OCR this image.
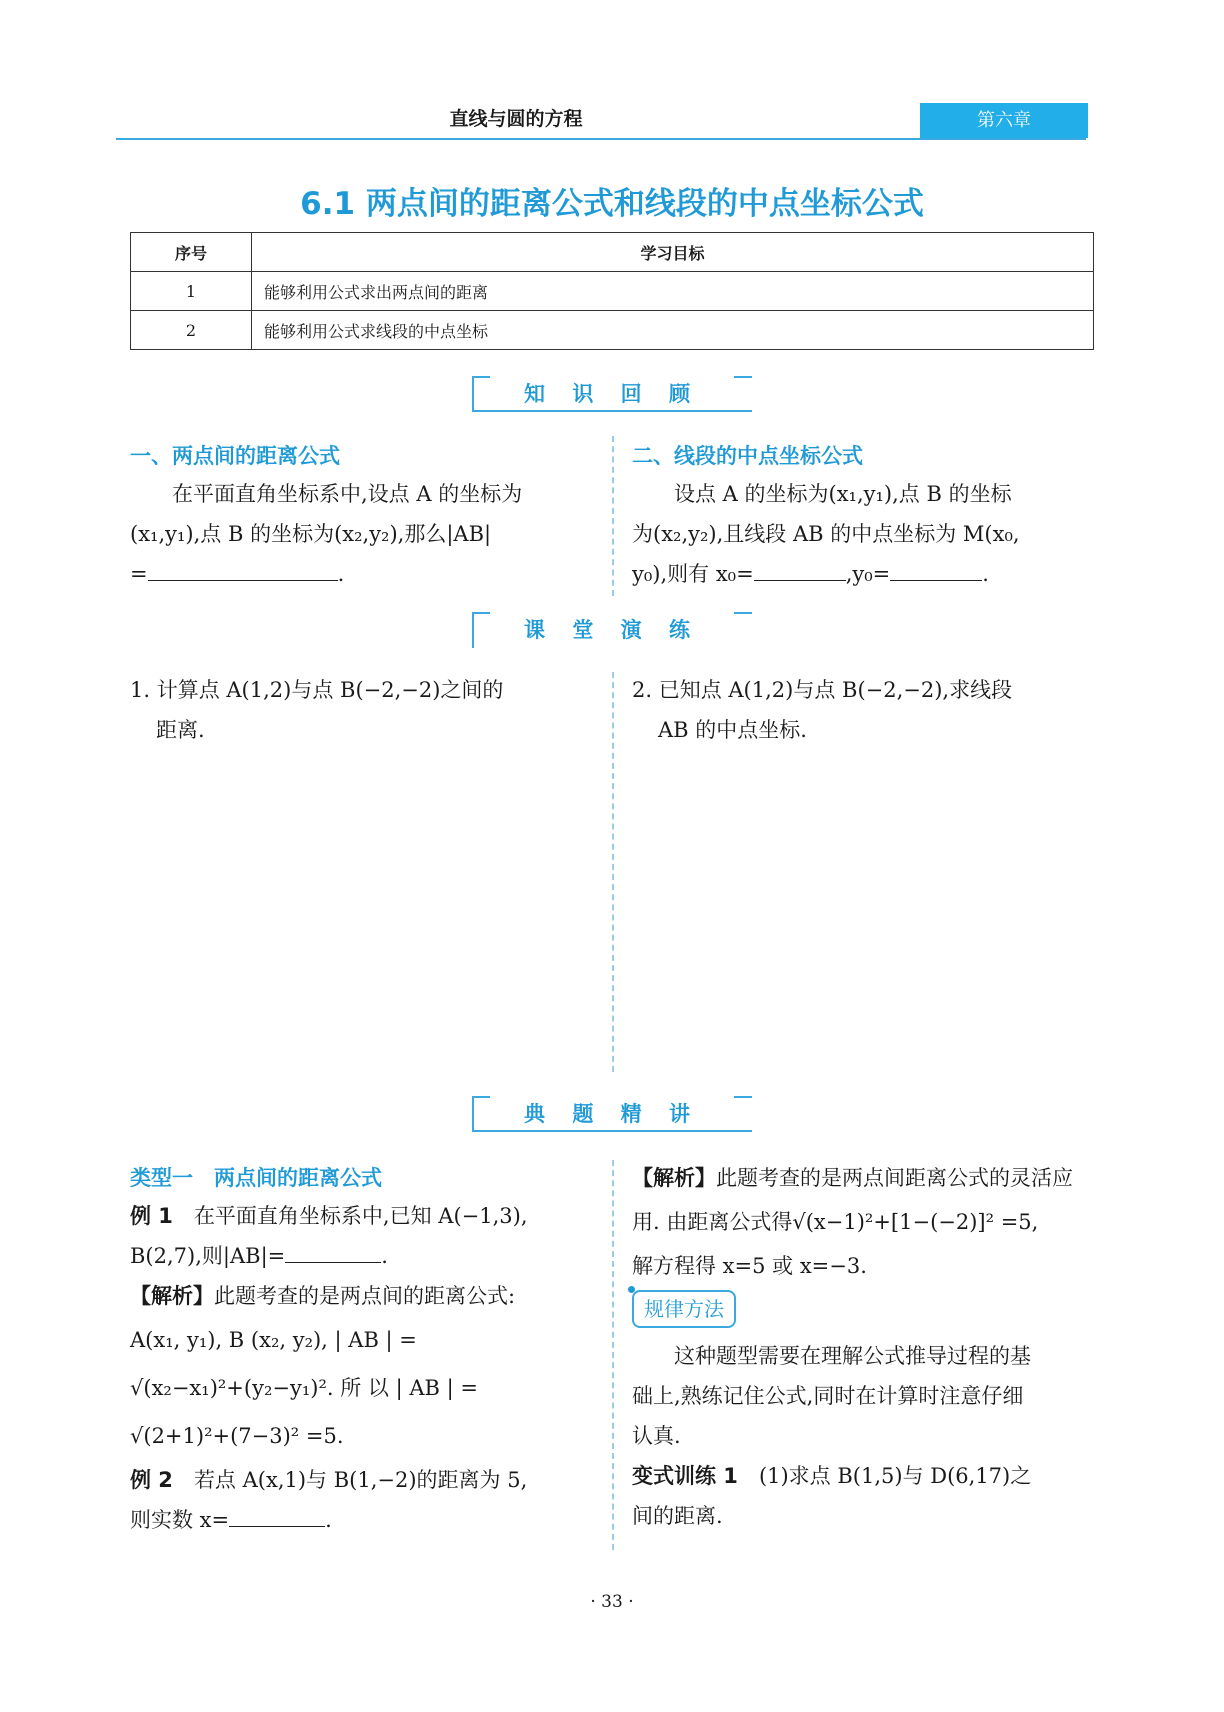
直线与圆的方程	第六章
6.1 两点间的距离公式和线段的中点坐标公式
序号	学习目标
1	能够利用公式求出两点间的距离
2	能够利用公式求线段的中点坐标
知 识 回 顾
一、两点间的距离公式
在平面直角坐标系中,设点 A 的坐标为
(x₁,y₁),点 B 的坐标为(x₂,y₂),那么|AB|
=	.
二、线段的中点坐标公式
设点 A 的坐标为(x₁,y₁),点 B 的坐标
为(x₂,y₂),且线段 AB 的中点坐标为 M(x₀,
y₀),则有 x₀=	,y₀=	.
课 堂 演 练
1. 计算点 A(1,2)与点 B(−2,−2)之间的
距离.
2. 已知点 A(1,2)与点 B(−2,−2),求线段
AB 的中点坐标.
典 题 精 讲
类型一　两点间的距离公式
例 1　 在平面直角坐标系中,已知 A(−1,3),
B(2,7),则|AB|=	.
【解析】此题考查的是两点间的距离公式:
A(x₁, y₁), B (x₂, y₂), | AB | =
√(x₂−x₁)²+(y₂−y₁)². 所 以 | AB | =
√(2+1)²+(7−3)² =5.
例 2　 若点 A(x,1)与 B(1,−2)的距离为 5,
则实数 x=	.
【解析】此题考查的是两点间距离公式的灵活应
用. 由距离公式得√(x−1)²+[1−(−2)]² =5,
解方程得 x=5 或 x=−3.
规律方法
这种题型需要在理解公式推导过程的基
础上,熟练记住公式,同时在计算时注意仔细
认真.
变式训练 1　 (1)求点 B(1,5)与 D(6,17)之
间的距离.
· 33 ·
